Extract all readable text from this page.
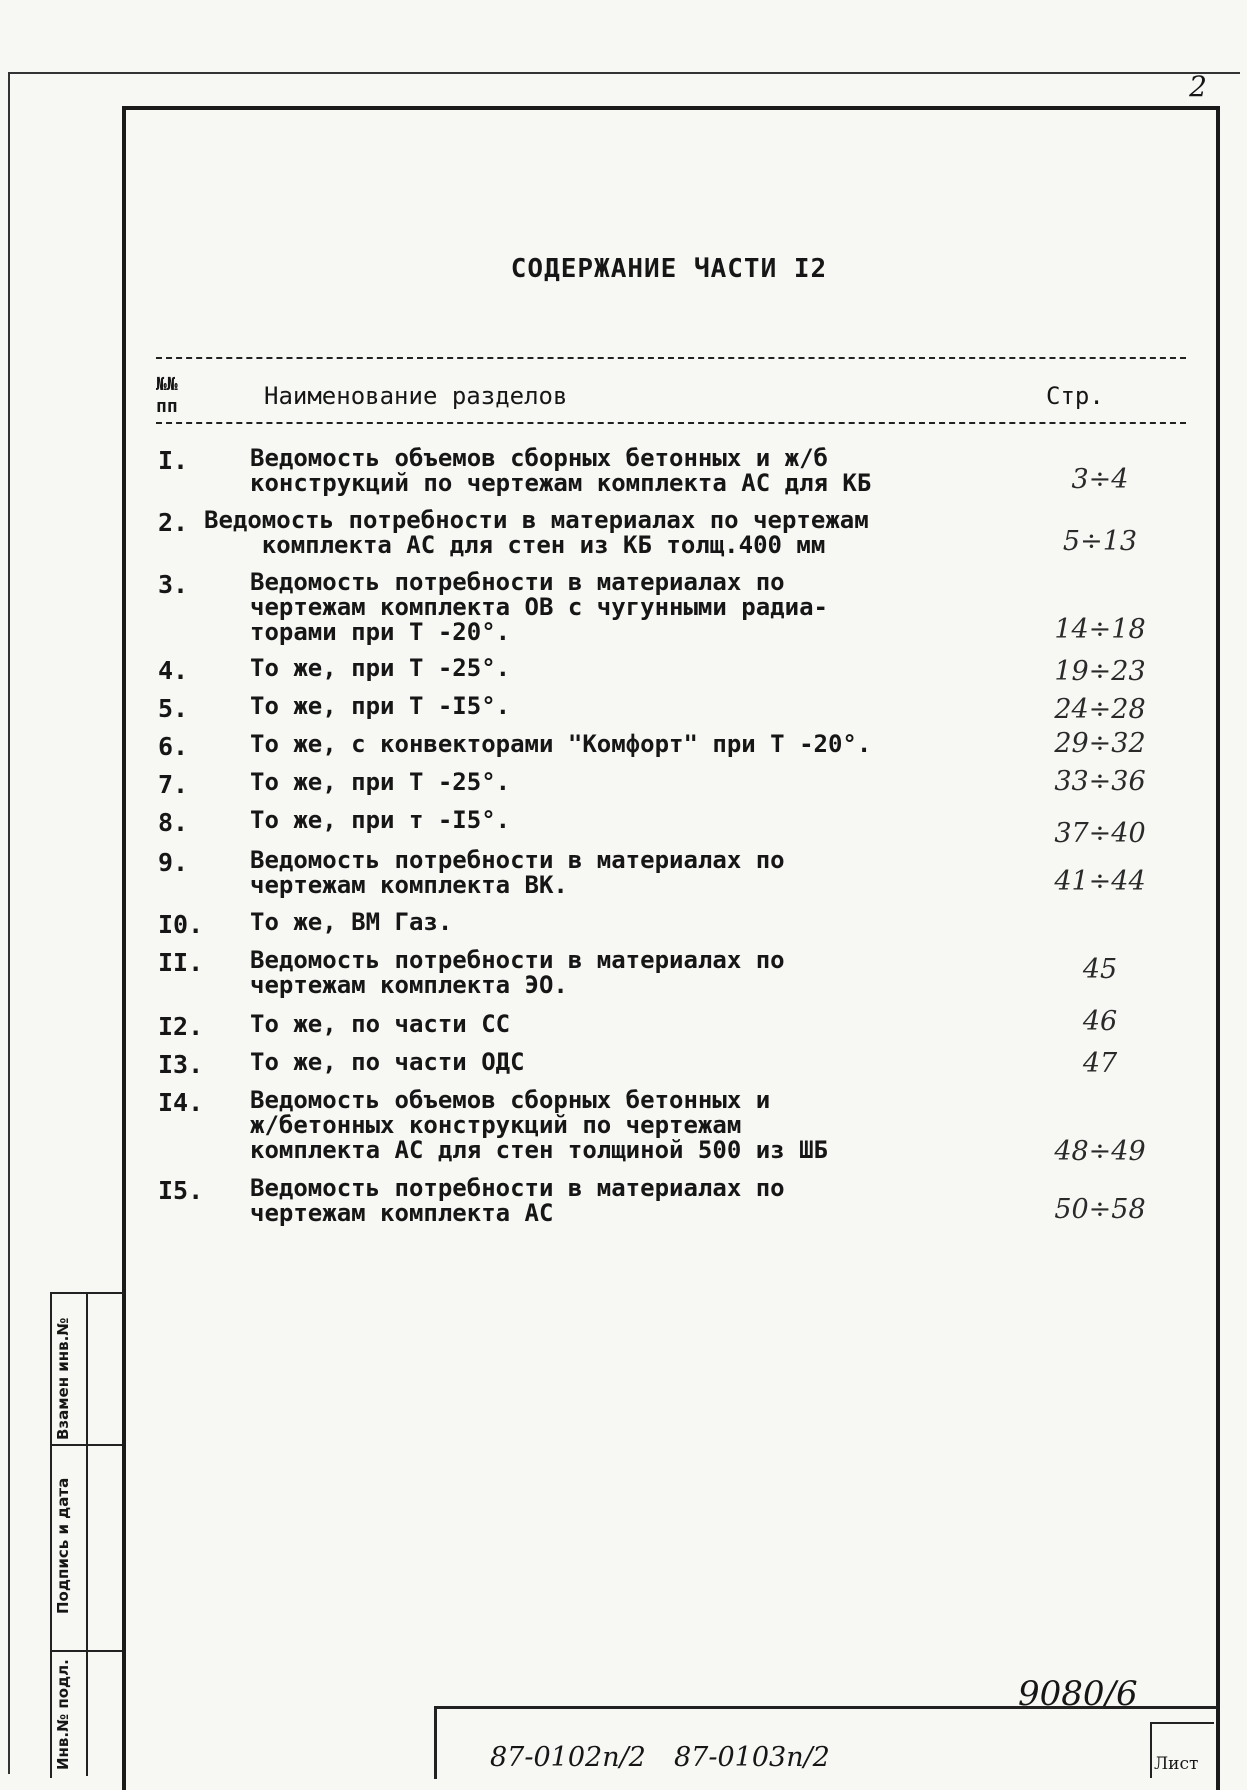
2
СОДЕРЖАНИЕ ЧАСТИ I2
№№
пп	Наименование разделов	Стр.
I.	Ведомость объемов сборных бетонных и ж/б
конструкций по чертежам комплекта АС для КБ	3÷4
2. Ведомость потребности в материалах по чертежам
комплекта АС для стен из КБ толщ.400 мм	5÷13
3.	Ведомость потребности в материалах по
чертежам комплекта ОВ с чугунными радиа-
торами при Т -20°.	14÷18
4.	То же, при Т -25°.	19÷23
5.	То же, при Т -I5°.	24÷28
6.	То же, с конвекторами "Комфорт" при Т -20°.	29÷32
7.	То же, при Т -25°.	33÷36
8.	То же, при т -I5°.	37÷40
9.	Ведомость потребности в материалах по
чертежам комплекта ВК.	41÷44
I0. То же, ВМ Газ.
II. Ведомость потребности в материалах по
чертежам комплекта ЭО.	45
I2. То же, по части СС	46
I3. То же, по части ОДС	47
I4. Ведомость объемов сборных бетонных и
ж/бетонных конструкций по чертежам
комплекта АС для стен толщиной 500 из ШБ	48÷49
I5. Ведомость потребности в материалах по
чертежам комплекта АС	50÷58
Взамен инв.№
Подпись и дата
Инв.№ подл.	9080/6
87-0102п/2 87-0103п/2	Лист
